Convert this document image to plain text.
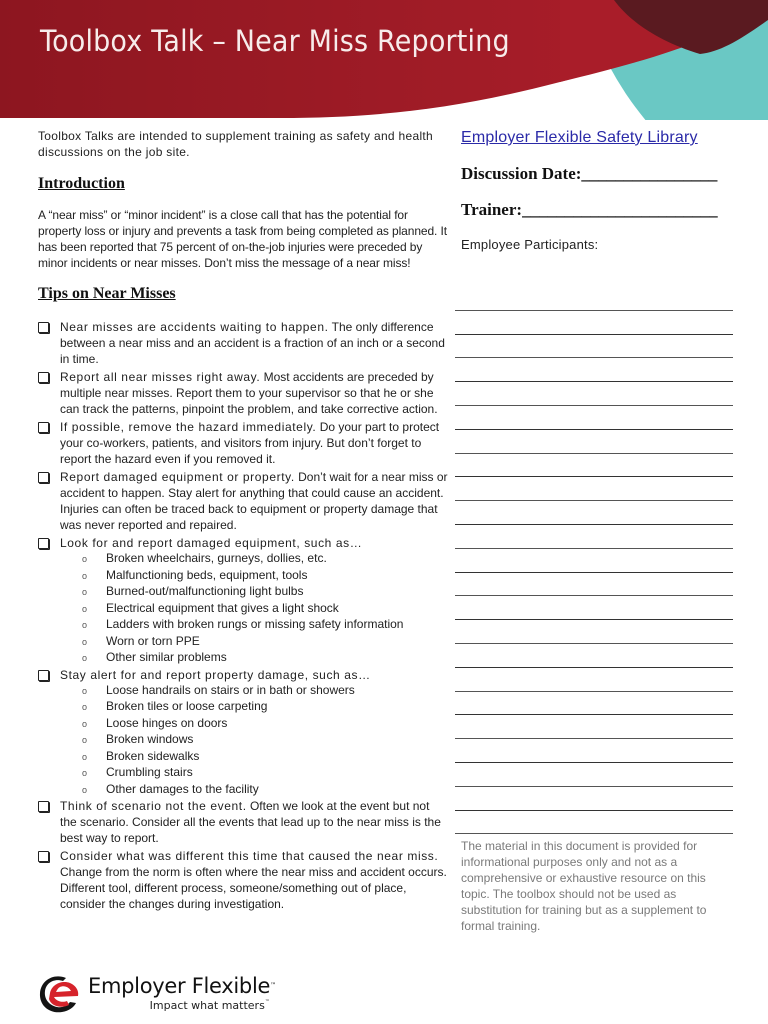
Toolbox Talk – Near Miss Reporting

Toolbox Talks are intended to supplement training as safety and health discussions on the job site.

Introduction

A “near miss” or “minor incident” is a close call that has the potential for property loss or injury and prevents a task from being completed as planned. It has been reported that 75 percent of on-the-job injuries were preceded by minor incidents or near misses. Don’t miss the message of a near miss!

Tips on Near Misses
Near misses are accidents waiting to happen. The only difference between a near miss and an accident is a fraction of an inch or a second in time.
Report all near misses right away. Most accidents are preceded by multiple near misses. Report them to your supervisor so that he or she can track the patterns, pinpoint the problem, and take corrective action.
If possible, remove the hazard immediately. Do your part to protect your co-workers, patients, and visitors from injury. But don’t forget to report the hazard even if you removed it.
Report damaged equipment or property. Don’t wait for a near miss or accident to happen. Stay alert for anything that could cause an accident. Injuries can often be traced back to equipment or property damage that was never reported and repaired.
Look for and report damaged equipment, such as…
o	Broken wheelchairs, gurneys, dollies, etc.
o	Malfunctioning beds, equipment, tools
o	Burned-out/malfunctioning light bulbs
o	Electrical equipment that gives a light shock
o	Ladders with broken rungs or missing safety information
o	Worn or torn PPE
o	Other similar problems
Stay alert for and report property damage, such as…
o	Loose handrails on stairs or in bath or showers
o	Broken tiles or loose carpeting
o	Loose hinges on doors
o	Broken windows
o	Broken sidewalks
o	Crumbling stairs
o	Other damages to the facility
Think of scenario not the event. Often we look at the event but not the scenario. Consider all the events that lead up to the near miss is the best way to report.
Consider what was different this time that caused the near miss. Change from the norm is often where the near miss and accident occurs. Different tool, different process, someone/something out of place, consider the changes during investigation.
Employer Flexible Safety Library
Discussion Date:________________
Trainer:_______________________
Employee Participants:
The material in this document is provided for informational purposes only and not as a comprehensive or exhaustive resource on this topic. The toolbox should not be used as substitution for training but as a supplement to formal training.
Employer Flexible™
Impact what matters™
